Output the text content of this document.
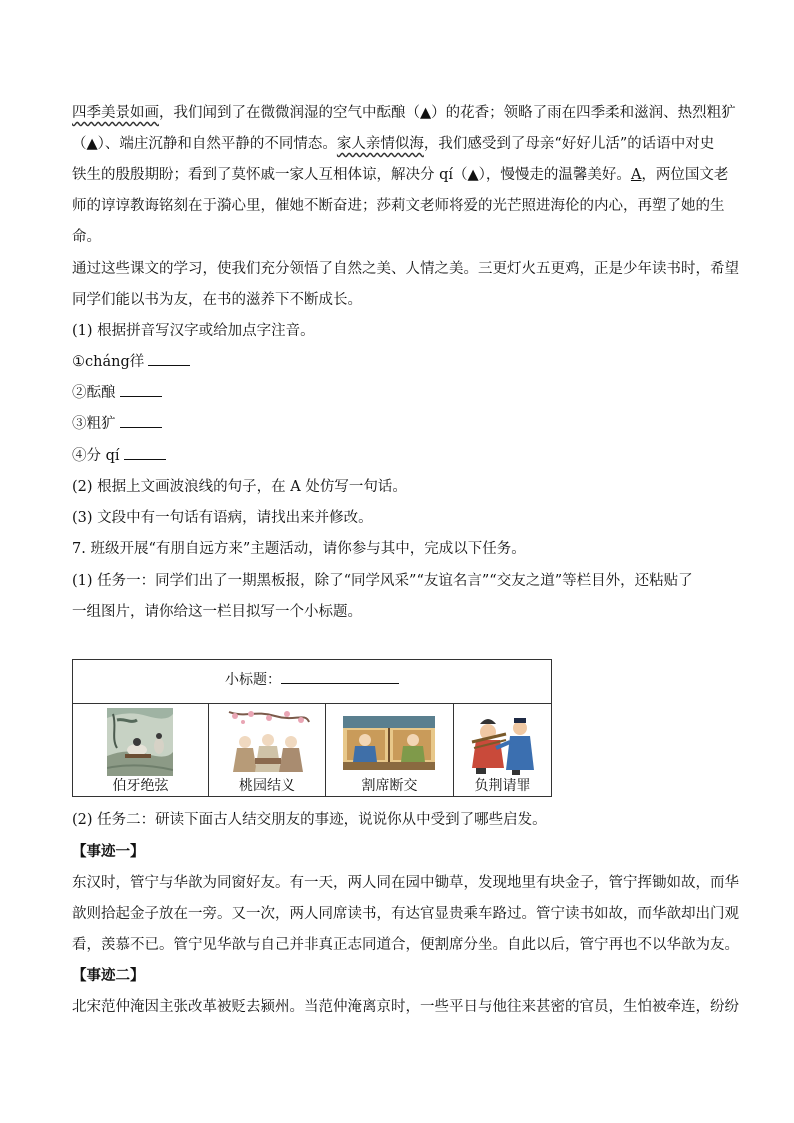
四季美景如画，我们闻到了在微微润湿的空气中酝酿（▲）的花香；领略了雨在四季柔和滋润、热烈粗犷
（▲）、端庄沉静和自然平静的不同情态。家人亲情似海，我们感受到了母亲“好好儿活”的话语中对史
铁生的殷殷期盼；看到了莫怀戚一家人互相体谅，解决分 qí（▲），慢慢走的温馨美好。A，两位国文老
师的谆谆教诲铭刻在于漪心里，催她不断奋进；莎莉文老师将爱的光芒照进海伦的内心，再塑了她的生
命。
通过这些课文的学习，使我们充分领悟了自然之美、人情之美。三更灯火五更鸡，正是少年读书时，希望
同学们能以书为友，在书的滋养下不断成长。
(1) 根据拼音写汉字或给加点字注音。
①cháng徉
②酝酿
③粗犷
④分 qí
(2) 根据上文画波浪线的句子，在 A 处仿写一句话。
(3) 文段中有一句话有语病，请找出来并修改。
7. 班级开展“有朋自远方来”主题活动，请你参与其中，完成以下任务。
(1) 任务一：同学们出了一期黑板报，除了“同学风采”“友谊名言”“交友之道”等栏目外，还粘贴了
一组图片，请你给这一栏目拟写一个小标题。
小标题：
伯牙绝弦	桃园结义	割席断交	负荆请罪
(2) 任务二：研读下面古人结交朋友的事迹，说说你从中受到了哪些启发。
【事迹一】
东汉时，管宁与华歆为同窗好友。有一天，两人同在园中锄草，发现地里有块金子，管宁挥锄如故，而华
歆则拾起金子放在一旁。又一次，两人同席读书，有达官显贵乘车路过。管宁读书如故，而华歆却出门观
看，羡慕不已。管宁见华歆与自己并非真正志同道合，便割席分坐。自此以后，管宁再也不以华歆为友。
【事迹二】
北宋范仲淹因主张改革被贬去颍州。当范仲淹离京时，一些平日与他往来甚密的官员，生怕被牵连，纷纷
